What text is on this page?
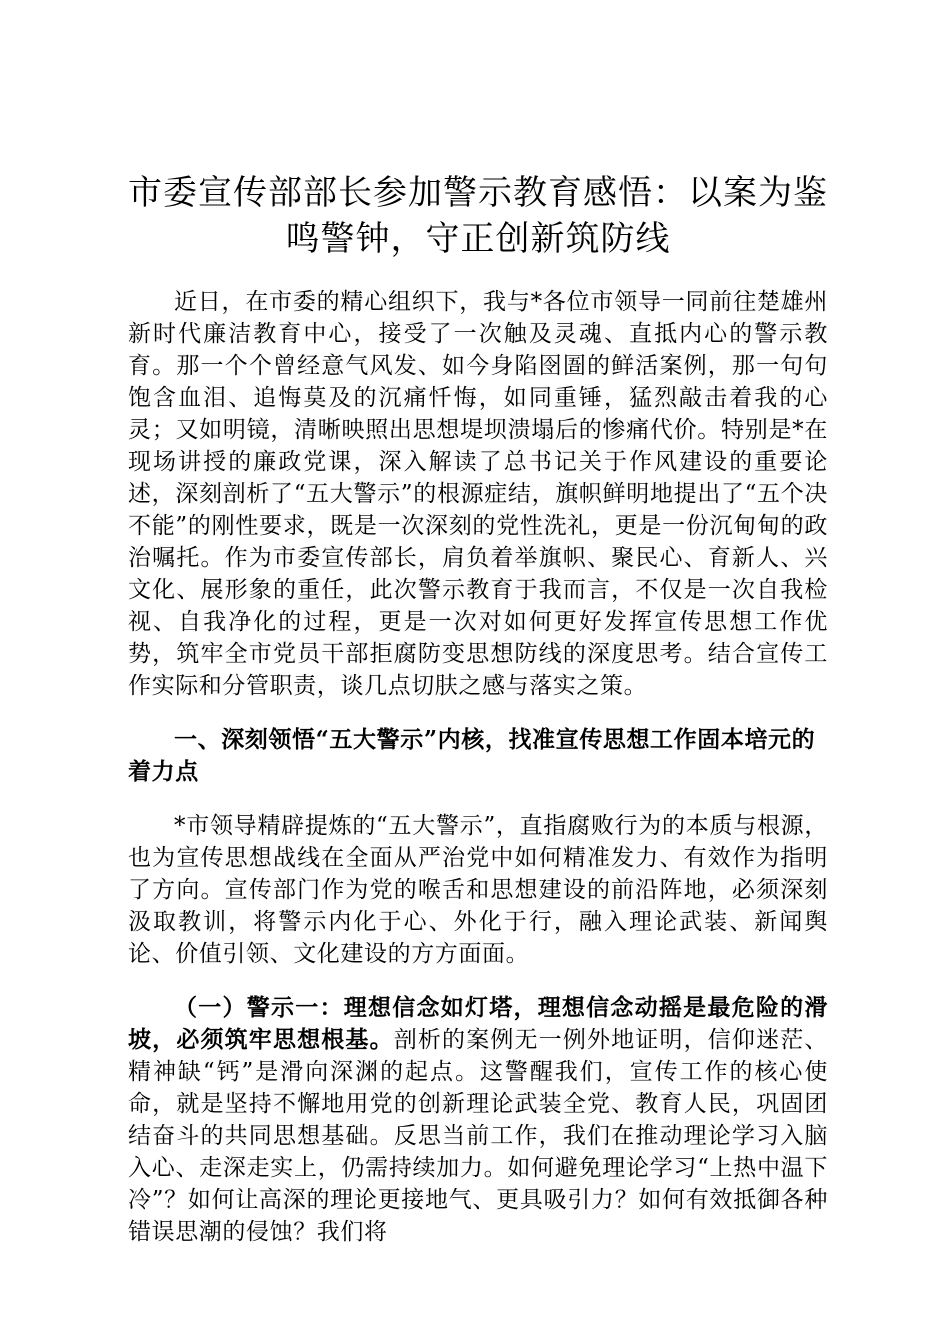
市委宣传部部长参加警示教育感悟：以案为鉴
鸣警钟，守正创新筑防线

近日，在市委的精心组织下，我与*各位市领导一同前往楚雄州新时代廉洁教育中心，接受了一次触及灵魂、直抵内心的警示教育。那一个个曾经意气风发、如今身陷囹圄的鲜活案例，那一句句饱含血泪、追悔莫及的沉痛忏悔，如同重锤，猛烈敲击着我的心灵；又如明镜，清晰映照出思想堤坝溃塌后的惨痛代价。特别是*在现场讲授的廉政党课，深入解读了总书记关于作风建设的重要论述，深刻剖析了“五大警示”的根源症结，旗帜鲜明地提出了“五个决不能”的刚性要求，既是一次深刻的党性洗礼，更是一份沉甸甸的政治嘱托。作为市委宣传部长，肩负着举旗帜、聚民心、育新人、兴文化、展形象的重任，此次警示教育于我而言，不仅是一次自我检视、自我净化的过程，更是一次对如何更好发挥宣传思想工作优势，筑牢全市党员干部拒腐防变思想防线的深度思考。结合宣传工作实际和分管职责，谈几点切肤之感与落实之策。

一、深刻领悟“五大警示”内核，找准宣传思想工作固本培元的着力点

*市领导精辟提炼的“五大警示”，直指腐败行为的本质与根源，也为宣传思想战线在全面从严治党中如何精准发力、有效作为指明了方向。宣传部门作为党的喉舌和思想建设的前沿阵地，必须深刻汲取教训，将警示内化于心、外化于行，融入理论武装、新闻舆论、价值引领、文化建设的方方面面。

（一）警示一：理想信念如灯塔，理想信念动摇是最危险的滑坡，必须筑牢思想根基。剖析的案例无一例外地证明，信仰迷茫、精神缺“钙”是滑向深渊的起点。这警醒我们，宣传工作的核心使命，就是坚持不懈地用党的创新理论武装全党、教育人民，巩固团结奋斗的共同思想基础。反思当前工作，我们在推动理论学习入脑入心、走深走实上，仍需持续加力。如何避免理论学习“上热中温下冷”？如何让高深的理论更接地气、更具吸引力？如何有效抵御各种错误思潮的侵蚀？我们将
